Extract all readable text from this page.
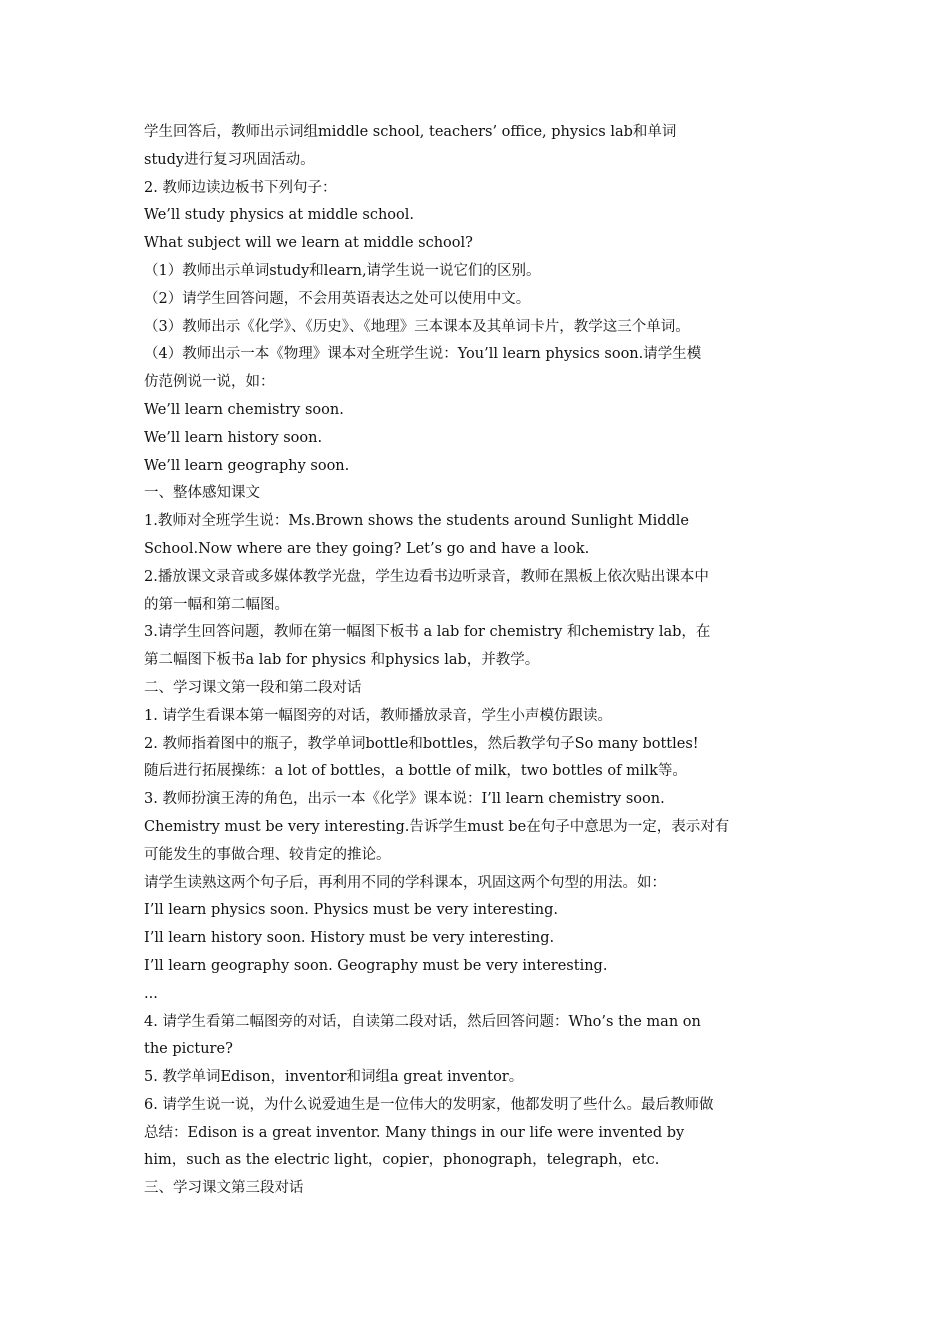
学生回答后，教师出示词组middle school, teachers’ office, physics lab和单词
study进行复习巩固活动。
2. 教师边读边板书下列句子：
We’ll study physics at middle school.
What subject will we learn at middle school?
（1）教师出示单词study和learn,请学生说一说它们的区别。
（2）请学生回答问题，不会用英语表达之处可以使用中文。
（3）教师出示《化学》、《历史》、《地理》三本课本及其单词卡片，教学这三个单词。
（4）教师出示一本《物理》课本对全班学生说：You’ll learn physics soon.请学生模
仿范例说一说，如：
We’ll learn chemistry soon.
We’ll learn history soon.
We’ll learn geography soon.
一、整体感知课文
1.教师对全班学生说：Ms.Brown shows the students around Sunlight Middle
School.Now where are they going? Let’s go and have a look.
2.播放课文录音或多媒体教学光盘，学生边看书边听录音，教师在黑板上依次贴出课本中
的第一幅和第二幅图。
3.请学生回答问题，教师在第一幅图下板书 a lab for chemistry 和chemistry lab，在
第二幅图下板书a lab for physics 和physics lab，并教学。
二、学习课文第一段和第二段对话
1. 请学生看课本第一幅图旁的对话，教师播放录音，学生小声模仿跟读。
2. 教师指着图中的瓶子，教学单词bottle和bottles，然后教学句子So many bottles!
随后进行拓展操练：a lot of bottles，a bottle of milk，two bottles of milk等。
3. 教师扮演王涛的角色，出示一本《化学》课本说：I’ll learn chemistry soon.
Chemistry must be very interesting.告诉学生must be在句子中意思为一定，表示对有
可能发生的事做合理、较肯定的推论。
请学生读熟这两个句子后，再利用不同的学科课本，巩固这两个句型的用法。如：
I’ll learn physics soon. Physics must be very interesting.
I’ll learn history soon. History must be very interesting.
I’ll learn geography soon. Geography must be very interesting.
...
4. 请学生看第二幅图旁的对话，自读第二段对话，然后回答问题：Who’s the man on
the picture?
5. 教学单词Edison，inventor和词组a great inventor。
6. 请学生说一说，为什么说爱迪生是一位伟大的发明家，他都发明了些什么。最后教师做
总结：Edison is a great inventor. Many things in our life were invented by
him，such as the electric light，copier，phonograph，telegraph，etc.
三、学习课文第三段对话
